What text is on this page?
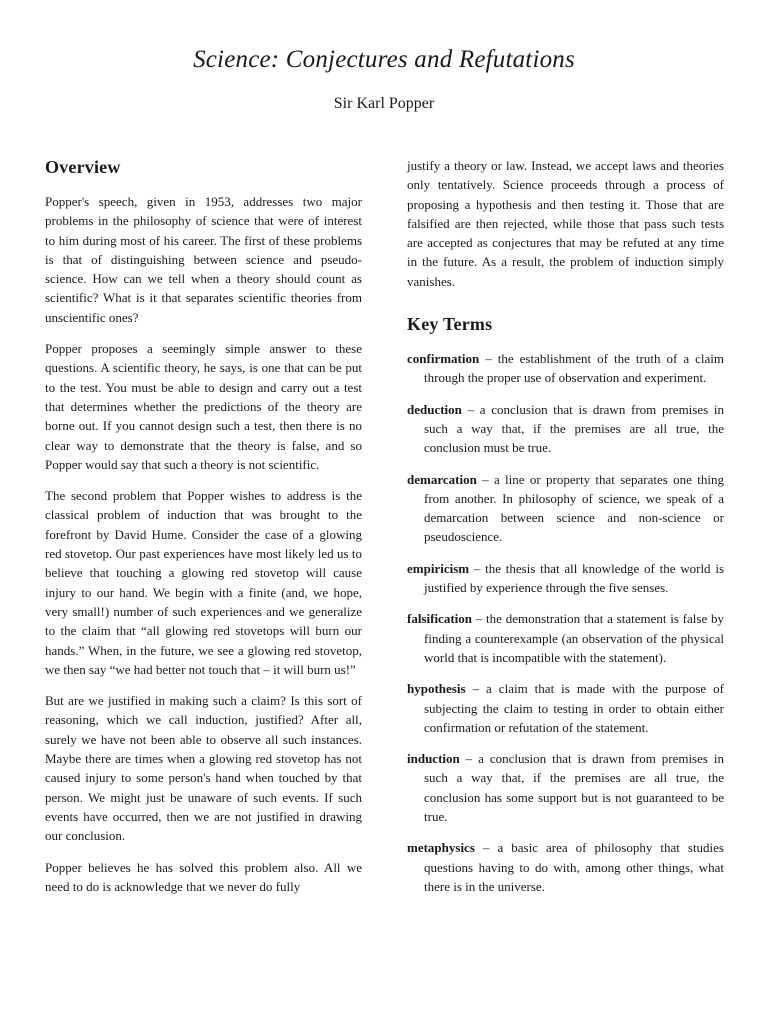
Science: Conjectures and Refutations
Sir Karl Popper
Overview

Popper's speech, given in 1953, addresses two major problems in the philosophy of science that were of interest to him during most of his career. The first of these problems is that of distinguishing between science and pseudo-science. How can we tell when a theory should count as scientific? What is it that separates scientific theories from unscientific ones?

Popper proposes a seemingly simple answer to these questions. A scientific theory, he says, is one that can be put to the test. You must be able to design and carry out a test that determines whether the predictions of the theory are borne out. If you cannot design such a test, then there is no clear way to demonstrate that the theory is false, and so Popper would say that such a theory is not scientific.

The second problem that Popper wishes to address is the classical problem of induction that was brought to the forefront by David Hume. Consider the case of a glowing red stovetop. Our past experiences have most likely led us to believe that touching a glowing red stovetop will cause injury to our hand. We begin with a finite (and, we hope, very small!) number of such experiences and we generalize to the claim that “all glowing red stovetops will burn our hands.” When, in the future, we see a glowing red stovetop, we then say “we had better not touch that – it will burn us!”

But are we justified in making such a claim? Is this sort of reasoning, which we call induction, justified? After all, surely we have not been able to observe all such instances. Maybe there are times when a glowing red stovetop has not caused injury to some person's hand when touched by that person. We might just be unaware of such events. If such events have occurred, then we are not justified in drawing our conclusion.

Popper believes he has solved this problem also. All we need to do is acknowledge that we never do fully

justify a theory or law. Instead, we accept laws and theories only tentatively. Science proceeds through a process of proposing a hypothesis and then testing it. Those that are falsified are then rejected, while those that pass such tests are accepted as conjectures that may be refuted at any time in the future. As a result, the problem of induction simply vanishes.

Key Terms
confirmation – the establishment of the truth of a claim through the proper use of observation and experiment.
deduction – a conclusion that is drawn from premises in such a way that, if the premises are all true, the conclusion must be true.
demarcation – a line or property that separates one thing from another. In philosophy of science, we speak of a demarcation between science and non-science or pseudoscience.
empiricism – the thesis that all knowledge of the world is justified by experience through the five senses.
falsification – the demonstration that a statement is false by finding a counterexample (an observation of the physical world that is incompatible with the statement).
hypothesis – a claim that is made with the purpose of subjecting the claim to testing in order to obtain either confirmation or refutation of the statement.
induction – a conclusion that is drawn from premises in such a way that, if the premises are all true, the conclusion has some support but is not guaranteed to be true.
metaphysics – a basic area of philosophy that studies questions having to do with, among other things, what there is in the universe.
